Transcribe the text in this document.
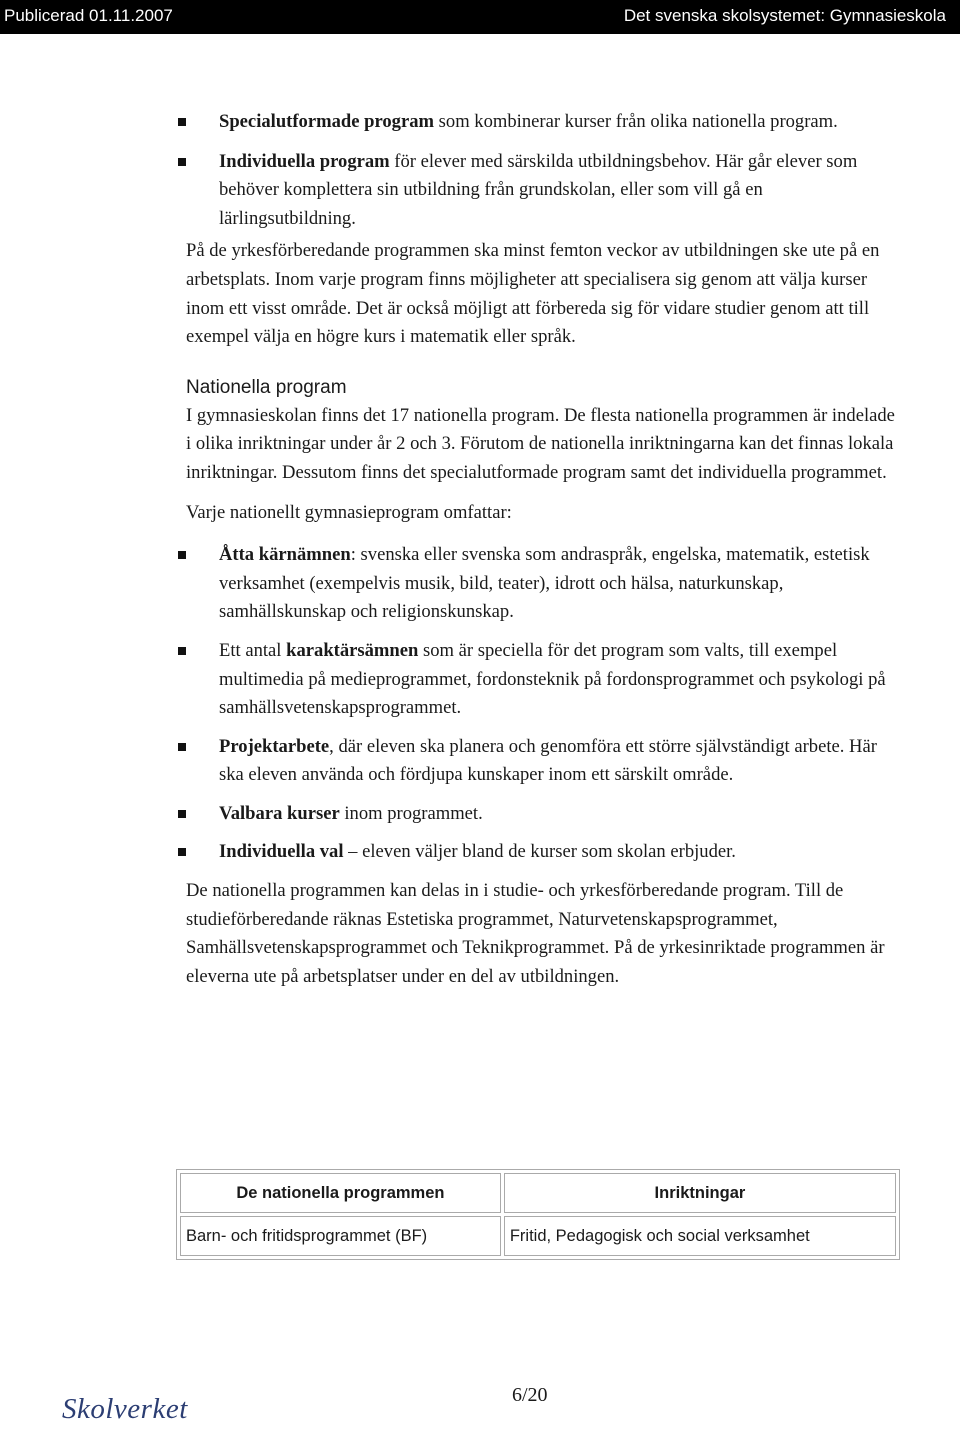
Publicerad 01.11.2007	Det svenska skolsystemet: Gymnasieskola
Specialutformade program som kombinerar kurser från olika nationella program.
Individuella program för elever med särskilda utbildningsbehov. Här går elever som behöver komplettera sin utbildning från grundskolan, eller som vill gå en lärlingsutbildning.

På de yrkesförberedande programmen ska minst femton veckor av utbildningen ske ute på en arbetsplats. Inom varje program finns möjligheter att specialisera sig genom att välja kurser inom ett visst område. Det är också möjligt att förbereda sig för vidare studier genom att till exempel välja en högre kurs i matematik eller språk.

Nationella program

I gymnasieskolan finns det 17 nationella program. De flesta nationella programmen är indelade i olika inriktningar under år 2 och 3. Förutom de nationella inriktningarna kan det finnas lokala inriktningar. Dessutom finns det specialutformade program samt det individuella programmet.

Varje nationellt gymnasieprogram omfattar:

Åtta kärnämnen: svenska eller svenska som andraspråk, engelska, matematik, estetisk verksamhet (exempelvis musik, bild, teater), idrott och hälsa, naturkunskap, samhällskunskap och religionskunskap.
Ett antal karaktärsämnen som är speciella för det program som valts, till exempel multimedia på medieprogrammet, fordonsteknik på fordonsprogrammet och psykologi på samhällsvetenskapsprogrammet.
Projektarbete, där eleven ska planera och genomföra ett större självständigt arbete. Här ska eleven använda och fördjupa kunskaper inom ett särskilt område.
Valbara kurser inom programmet.
Individuella val – eleven väljer bland de kurser som skolan erbjuder.

De nationella programmen kan delas in i studie- och yrkesförberedande program. Till de studieförberedande räknas Estetiska programmet, Naturvetenskapsprogrammet, Samhällsvetenskapsprogrammet och Teknikprogrammet. På de yrkesinriktade programmen är eleverna ute på arbetsplatser under en del av utbildningen.

De nationella programmen	Inriktningar
Barn- och fritidsprogrammet (BF)	Fritid, Pedagogisk och social verksamhet
Skolverket	6/20
